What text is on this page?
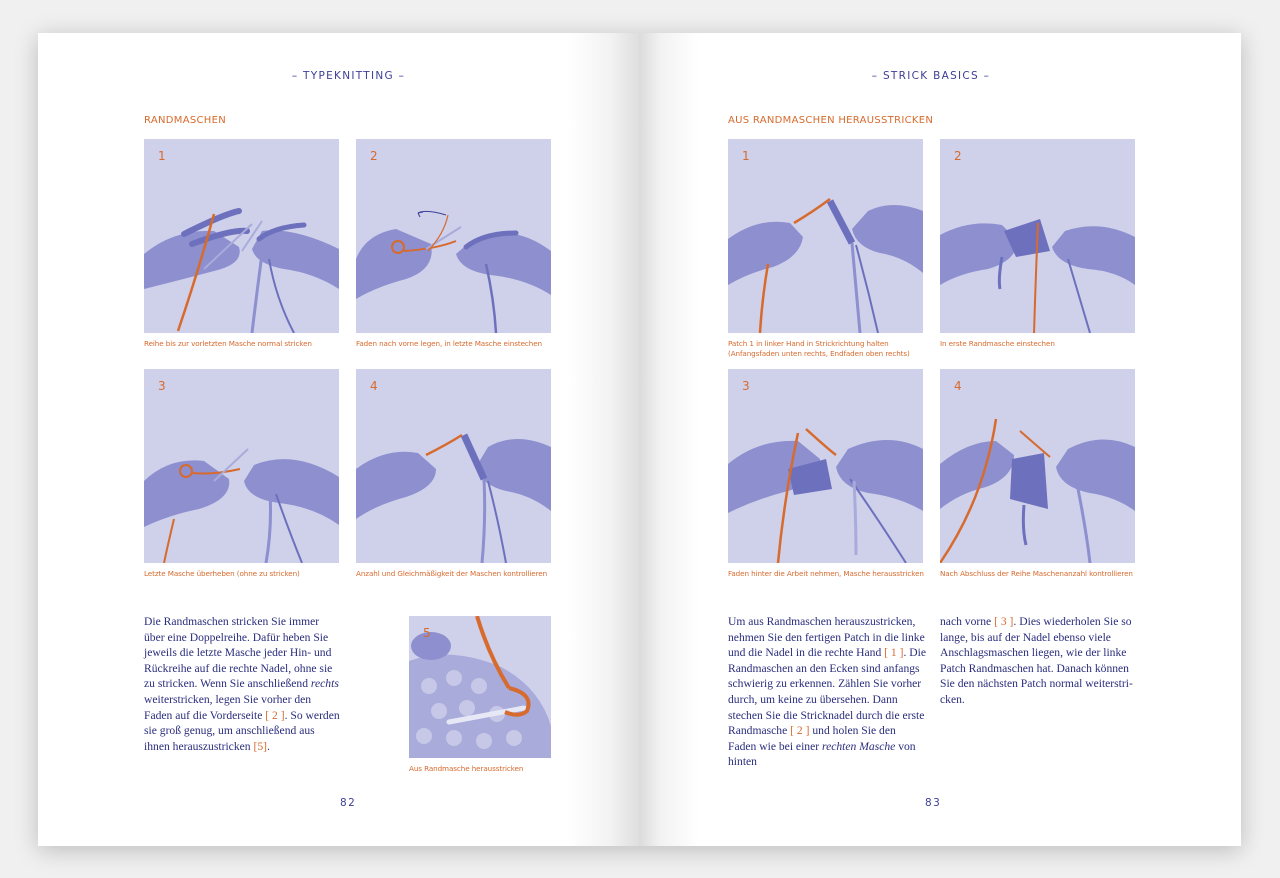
– TYPEKNITTING –
RANDMASCHEN
1
Reihe bis zur vorletzten Masche normal stricken
2
Faden nach vorne legen, in letzte Masche einstechen
3
Letzte Masche überheben (ohne zu stricken)
4
Anzahl und Gleichmäßigkeit der Maschen kontrollieren

Die Randmaschen stricken Sie immer über eine Doppelreihe. Dafür heben Sie jeweils die letzte Masche jeder Hin- und Rückreihe auf die rechte Nadel, ohne sie zu stricken. Wenn Sie anschließend rechts weiterstricken, legen Sie vorher den Faden auf die Vorderseite [ 2 ]. So werden sie groß genug, um anschließend aus ihnen herauszustricken [5].

5
Aus Randmasche herausstricken
82
– STRICK BASICS –
AUS RANDMASCHEN HERAUSSTRICKEN
1
Patch 1 in linker Hand in Strickrichtung halten
(Anfangsfaden unten rechts, Endfaden oben rechts)
2
In erste Randmasche einstechen
3
Faden hinter die Arbeit nehmen, Masche herausstricken
4
Nach Abschluss der Reihe Maschenanzahl kontrollieren

Um aus Randmaschen herauszustricken, nehmen Sie den fertigen Patch in die linke und die Nadel in die rechte Hand [ 1 ]. Die Randmaschen an den Ecken sind anfangs schwierig zu erkennen. Zählen Sie vorher durch, um keine zu übersehen. Dann stechen Sie die Stricknadel durch die erste Randmasche [ 2 ] und holen Sie den Faden wie bei einer rechten Masche von hinten

nach vorne [ 3 ]. Dies wiederholen Sie so lange, bis auf der Nadel ebenso viele Anschlagsmaschen liegen, wie der linke Patch Randmaschen hat. Danach können Sie den nächsten Patch normal weiterstri-cken.

83
